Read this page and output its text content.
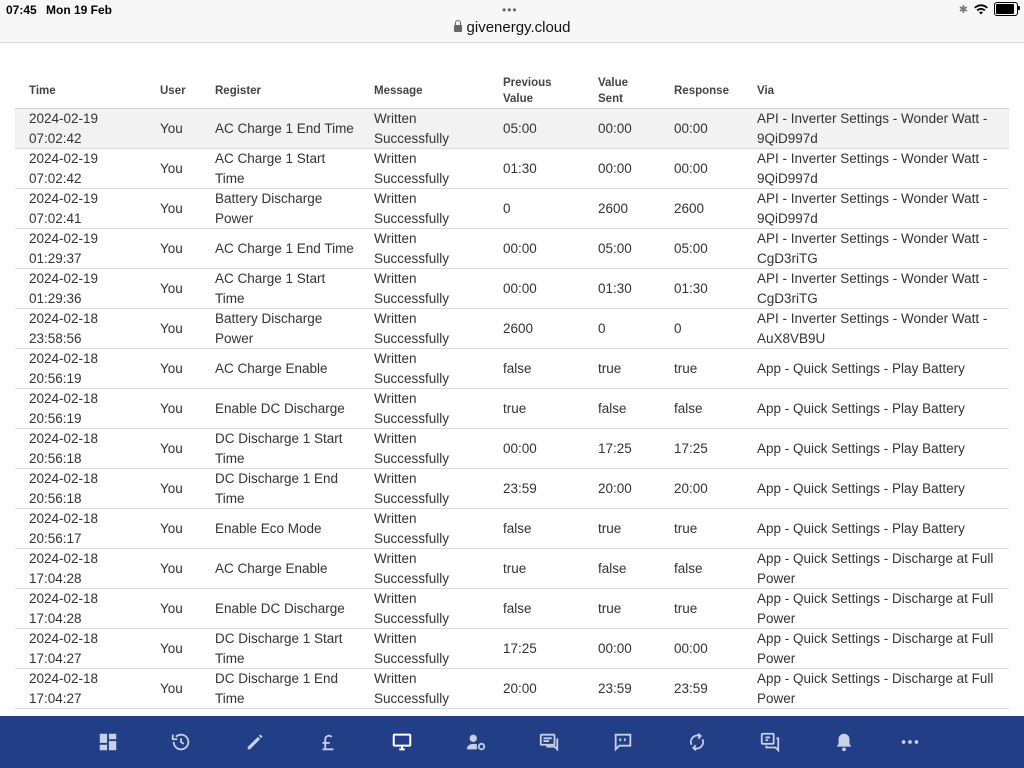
•••
givenergy.cloud
07:45 Mon 19 Feb	✱
Time	User	Register	Message	Previous Value	Value Sent	Response	Via
2024-02-19 07:02:42	You	AC Charge 1 End Time	Written Successfully	05:00	00:00	00:00	API - Inverter Settings - Wonder Watt - 9QiD997d
2024-02-19 07:02:42	You	AC Charge 1 Start Time	Written Successfully	01:30	00:00	00:00	API - Inverter Settings - Wonder Watt - 9QiD997d
2024-02-19 07:02:41	You	Battery Discharge Power	Written Successfully	0	2600	2600	API - Inverter Settings - Wonder Watt - 9QiD997d
2024-02-19 01:29:37	You	AC Charge 1 End Time	Written Successfully	00:00	05:00	05:00	API - Inverter Settings - Wonder Watt - CgD3riTG
2024-02-19 01:29:36	You	AC Charge 1 Start Time	Written Successfully	00:00	01:30	01:30	API - Inverter Settings - Wonder Watt - CgD3riTG
2024-02-18 23:58:56	You	Battery Discharge Power	Written Successfully	2600	0	0	API - Inverter Settings - Wonder Watt - AuX8VB9U
2024-02-18 20:56:19	You	AC Charge Enable	Written Successfully	false	true	true	App - Quick Settings - Play Battery
2024-02-18 20:56:19	You	Enable DC Discharge	Written Successfully	true	false	false	App - Quick Settings - Play Battery
2024-02-18 20:56:18	You	DC Discharge 1 Start Time	Written Successfully	00:00	17:25	17:25	App - Quick Settings - Play Battery
2024-02-18 20:56:18	You	DC Discharge 1 End Time	Written Successfully	23:59	20:00	20:00	App - Quick Settings - Play Battery
2024-02-18 20:56:17	You	Enable Eco Mode	Written Successfully	false	true	true	App - Quick Settings - Play Battery
2024-02-18 17:04:28	You	AC Charge Enable	Written Successfully	true	false	false	App - Quick Settings - Discharge at Full Power
2024-02-18 17:04:28	You	Enable DC Discharge	Written Successfully	false	true	true	App - Quick Settings - Discharge at Full Power
2024-02-18 17:04:27	You	DC Discharge 1 Start Time	Written Successfully	17:25	00:00	00:00	App - Quick Settings - Discharge at Full Power
2024-02-18 17:04:27	You	DC Discharge 1 End Time	Written Successfully	20:00	23:59	23:59	App - Quick Settings - Discharge at Full Power
